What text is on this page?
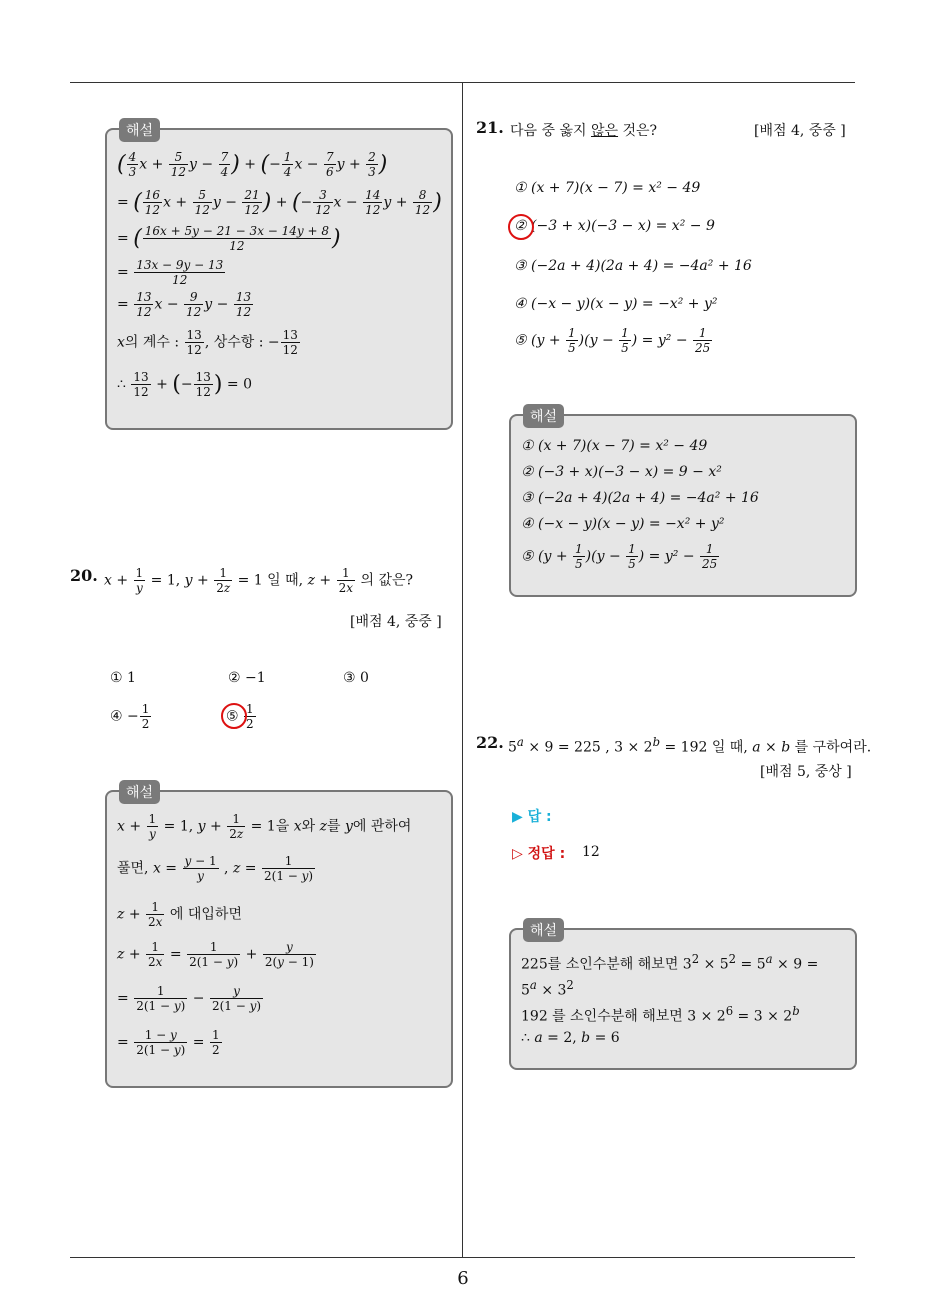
해설
( $\frac{4}{3}$ $x + \frac{5}{12}$ $y - \frac{7}{4}$ ) + (− $\frac{1}{4}$ $x - \frac{7}{6}$ $y + \frac{2}{3}$ )
= ( $\frac{16}{12}$ $x + \frac{5}{12}$ $y - \frac{21}{12}$ ) + (− $\frac{3}{12}$ $x - \frac{14}{12}$ $y + \frac{8}{12}$ )
= ( $\frac{16x + 5y - 21 - 3x - 14y + 8}{12}$ )
= $\frac{13x - 9y - 13}{12}$
= $\frac{13}{12}$ $x - \frac{9}{12}$ $y - \frac{13}{12}$
x의 계수 : $\frac{13}{12}$ , 상수항 : − $\frac{13}{12}$
∴ $\frac{13}{12}$ + (− $\frac{13}{12}$ ) = 0
20. $x + \frac{1}{y} = 1$, $y + \frac{1}{2z} = 1$ 일 때, $z + \frac{1}{2x}$ 의 값은?
[배점 4, 중중 ]
① 1	② −1	③ 0
④ − $\frac{1}{2}$	⑤ $\frac{1}{2}$
해설
$x + \frac{1}{y} = 1$, $y + \frac{1}{2z} = 1$을 x와 z를 y에 관하여
풀면, $x = \frac{y - 1}{y}$ , $z = \frac{1}{2(1 - y)}$
$z + \frac{1}{2x}$ 에 대입하면
$z + \frac{1}{2x} = \frac{1}{2(1 - y)} + \frac{y}{2(y - 1)}$
= $\frac{1}{2(1 - y)} - \frac{y}{2(1 - y)}$
= $\frac{1 - y}{2(1 - y)} = \frac{1}{2}$
21. 다음 중 옳지 않은 것은?	[배점 4, 중중 ]
① (x + 7)(x − 7) = x² − 49
② (−3 + x)(−3 − x) = x² − 9
③ (−2a + 4)(2a + 4) = −4a² + 16
④ (−x − y)(x − y) = −x² + y²
⑤ $(y + \frac{1}{5} )(y - \frac{1}{5}$ ) = $y^2 - \frac{1}{25}$
해설
① (x + 7)(x − 7) = x² − 49
② (−3 + x)(−3 − x) = 9 − x²
③ (−2a + 4)(2a + 4) = −4a² + 16
④ (−x − y)(x − y) = −x² + y²
⑤ $(y + \frac{1}{5} )(y - \frac{1}{5}$ ) = $y^2 - \frac{1}{25}$
22. $5^a \times 9 = 225$ , $3 \times 2^b = 192$ 일 때, a × b 를 구하여라.
[배점 5, 중상 ]
▶ 답 :
▷ 정답 : 12
해설
225를 소인수분해 해보면 $3^2 \times 5^2 = 5^a \times 9$ =
$5^a \times 3^2$
192 를 소인수분해 해보면 $3 \times 2^6 = 3 \times 2^b$
∴ a = 2, b = 6
6
